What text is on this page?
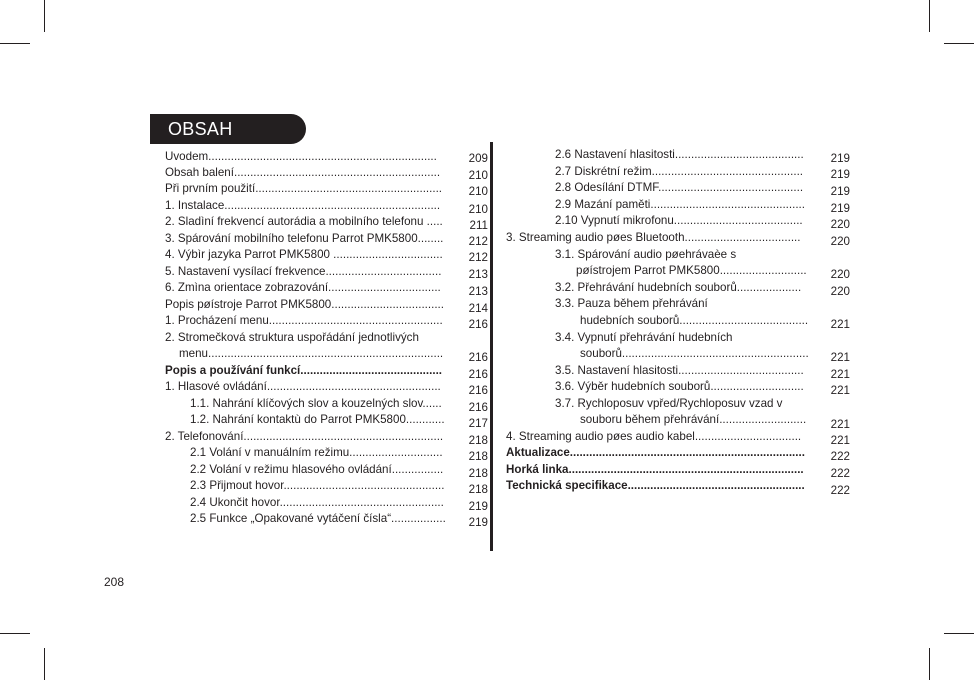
OBSAH
Uvodem.......................................................................	209
Obsah balení................................................................	210
Při prvním použití..........................................................	210
1. Instalace...................................................................	210
2. Sladìní frekvencí autorádia a mobilního telefonu .....	211
3. Spárování mobilního telefonu Parrot PMK5800........	212
4. Výbìr jazyka Parrot PMK5800 ..................................	212
5. Nastavení vysílací frekvence....................................	213
6. Zmìna orientace zobrazování...................................	213
Popis pøístroje Parrot PMK5800...................................	214
1. Procházení menu......................................................	216
2. Stromečková struktura uspořádání jednotlivých
menu.........................................................................	216
Popis a používání funkcí............................................	216
1. Hlasové ovládání......................................................	216
1.1. Nahrání klíčových slov a kouzelných slov......	216
1.2. Nahrání kontaktù do Parrot PMK5800............	217
2. Telefonování..............................................................	218
2.1 Volání v manuálním režimu.............................	218
2.2 Volání v režimu hlasového ovládání................	218
2.3 Přijmout hovor..................................................	218
2.4 Ukončit hovor...................................................	219
2.5 Funkce „Opakované vytáčení čísla“.................	219
2.6 Nastavení hlasitosti........................................	219
2.7 Diskrétní režim...............................................	219
2.8 Odesílání DTMF.............................................	219
2.9 Mazání paměti................................................	219
2.10 Vypnutí mikrofonu........................................	220
3. Streaming audio pøes Bluetooth....................................	220
3.1. Spárování audio pøehrávaèe s
pøístrojem Parrot PMK5800...........................	220
3.2. Přehrávání hudebních souborů....................	220
3.3. Pauza během přehrávání
hudebních souborů........................................	221
3.4. Vypnutí přehrávání hudebních
souborů..........................................................	221
3.5. Nastavení hlasitosti.......................................	221
3.6. Výběr hudebních souborů.............................	221
3.7. Rychloposuv vpřed/Rychloposuv vzad v
souboru během přehrávání...........................	221
4. Streaming audio pøes audio kabel.................................	221
Aktualizace.........................................................................	222
Horká linka.........................................................................	222
Technická specifikace.......................................................	222
208
